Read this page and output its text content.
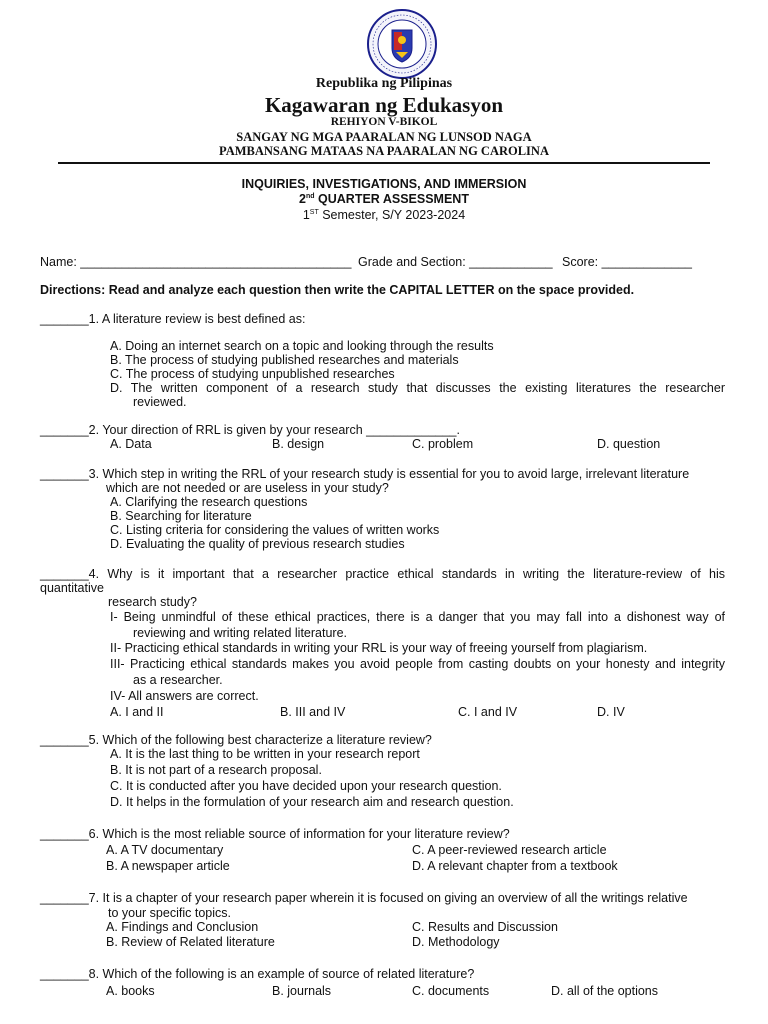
Republika ng Pilipinas
Kagawaran ng Edukasyon
REHIYON V-BIKOL
SANGAY NG MGA PAARALAN NG LUNSOD NAGA
PAMBANSANG MATAAS NA PAARALAN NG CAROLINA
INQUIRIES, INVESTIGATIONS, AND IMMERSION
2nd QUARTER ASSESSMENT
1ST Semester, S/Y 2023-2024
Name: _______________________________________ Grade and Section: ____________ Score: _____________
Directions: Read and analyze each question then write the CAPITAL LETTER on the space provided.
_______1. A literature review is best defined as:
A. Doing an internet search on a topic and looking through the results
B. The process of studying published researches and materials
C. The process of studying unpublished researches
D. The written component of a research study that discusses the existing literatures the researcher
reviewed.
_______2. Your direction of RRL is given by your research _____________.
A. Data	B. design	C. problem	D. question
_______3. Which step in writing the RRL of your research study is essential for you to avoid large, irrelevant literature
which are not needed or are useless in your study?
A. Clarifying the research questions
B. Searching for literature
C. Listing criteria for considering the values of written works
D. Evaluating the quality of previous research studies
_______4. Why is it important that a researcher practice ethical standards in writing the literature-review of his
quantitative
research study?
I- Being unmindful of these ethical practices, there is a danger that you may fall into a dishonest way of
reviewing and writing related literature.
II- Practicing ethical standards in writing your RRL is your way of freeing yourself from plagiarism.
III- Practicing ethical standards makes you avoid people from casting doubts on your honesty and integrity
as a researcher.
IV- All answers are correct.
A. I and II	B. III and IV	C. I and IV	D. IV
_______5. Which of the following best characterize a literature review?
A. It is the last thing to be written in your research report
B. It is not part of a research proposal.
C. It is conducted after you have decided upon your research question.
D. It helps in the formulation of your research aim and research question.
_______6. Which is the most reliable source of information for your literature review?
A. A TV documentary
B. A newspaper article
C. A peer-reviewed research article
D. A relevant chapter from a textbook
_______7. It is a chapter of your research paper wherein it is focused on giving an overview of all the writings relative
to your specific topics.
A. Findings and Conclusion
B. Review of Related literature
C. Results and Discussion
D. Methodology
_______8. Which of the following is an example of source of related literature?
A. books	B. journals	C. documents	D. all of the options
